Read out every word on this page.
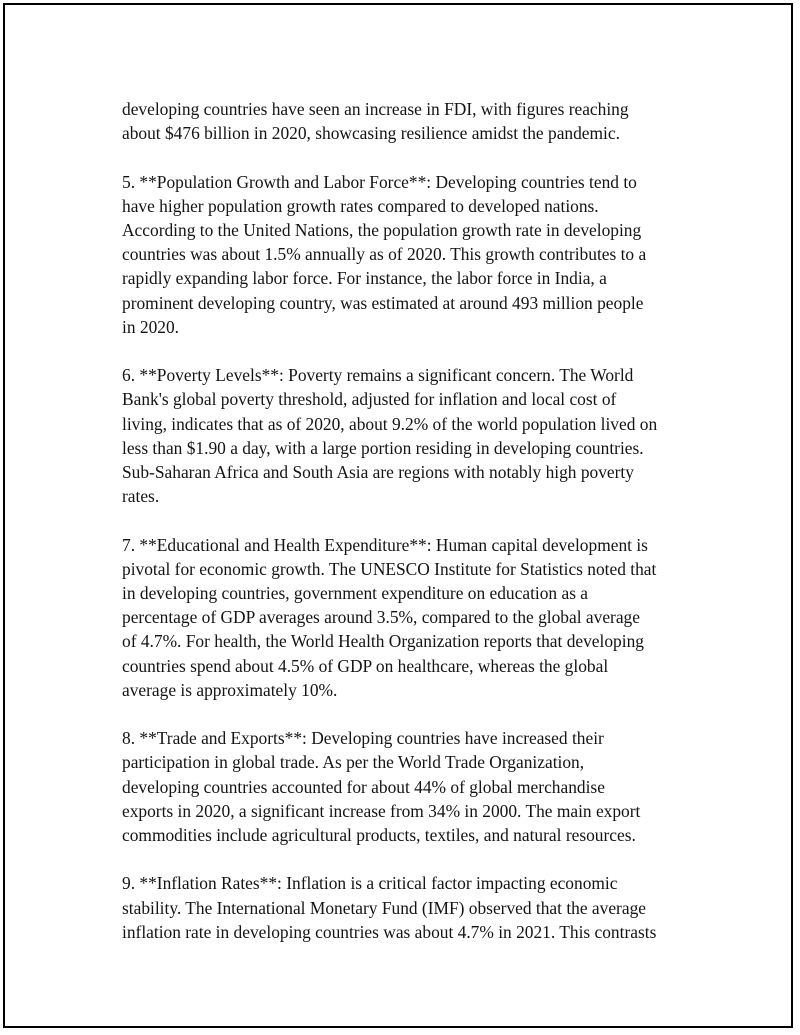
developing countries have seen an increase in FDI, with figures reaching
about $476 billion in 2020, showcasing resilience amidst the pandemic.

5. **Population Growth and Labor Force**: Developing countries tend to
have higher population growth rates compared to developed nations.
According to the United Nations, the population growth rate in developing
countries was about 1.5% annually as of 2020. This growth contributes to a
rapidly expanding labor force. For instance, the labor force in India, a
prominent developing country, was estimated at around 493 million people
in 2020.

6. **Poverty Levels**: Poverty remains a significant concern. The World
Bank's global poverty threshold, adjusted for inflation and local cost of
living, indicates that as of 2020, about 9.2% of the world population lived on
less than $1.90 a day, with a large portion residing in developing countries.
Sub-Saharan Africa and South Asia are regions with notably high poverty
rates.

7. **Educational and Health Expenditure**: Human capital development is
pivotal for economic growth. The UNESCO Institute for Statistics noted that
in developing countries, government expenditure on education as a
percentage of GDP averages around 3.5%, compared to the global average
of 4.7%. For health, the World Health Organization reports that developing
countries spend about 4.5% of GDP on healthcare, whereas the global
average is approximately 10%.

8. **Trade and Exports**: Developing countries have increased their
participation in global trade. As per the World Trade Organization,
developing countries accounted for about 44% of global merchandise
exports in 2020, a significant increase from 34% in 2000. The main export
commodities include agricultural products, textiles, and natural resources.

9. **Inflation Rates**: Inflation is a critical factor impacting economic
stability. The International Monetary Fund (IMF) observed that the average
inflation rate in developing countries was about 4.7% in 2021. This contrasts
